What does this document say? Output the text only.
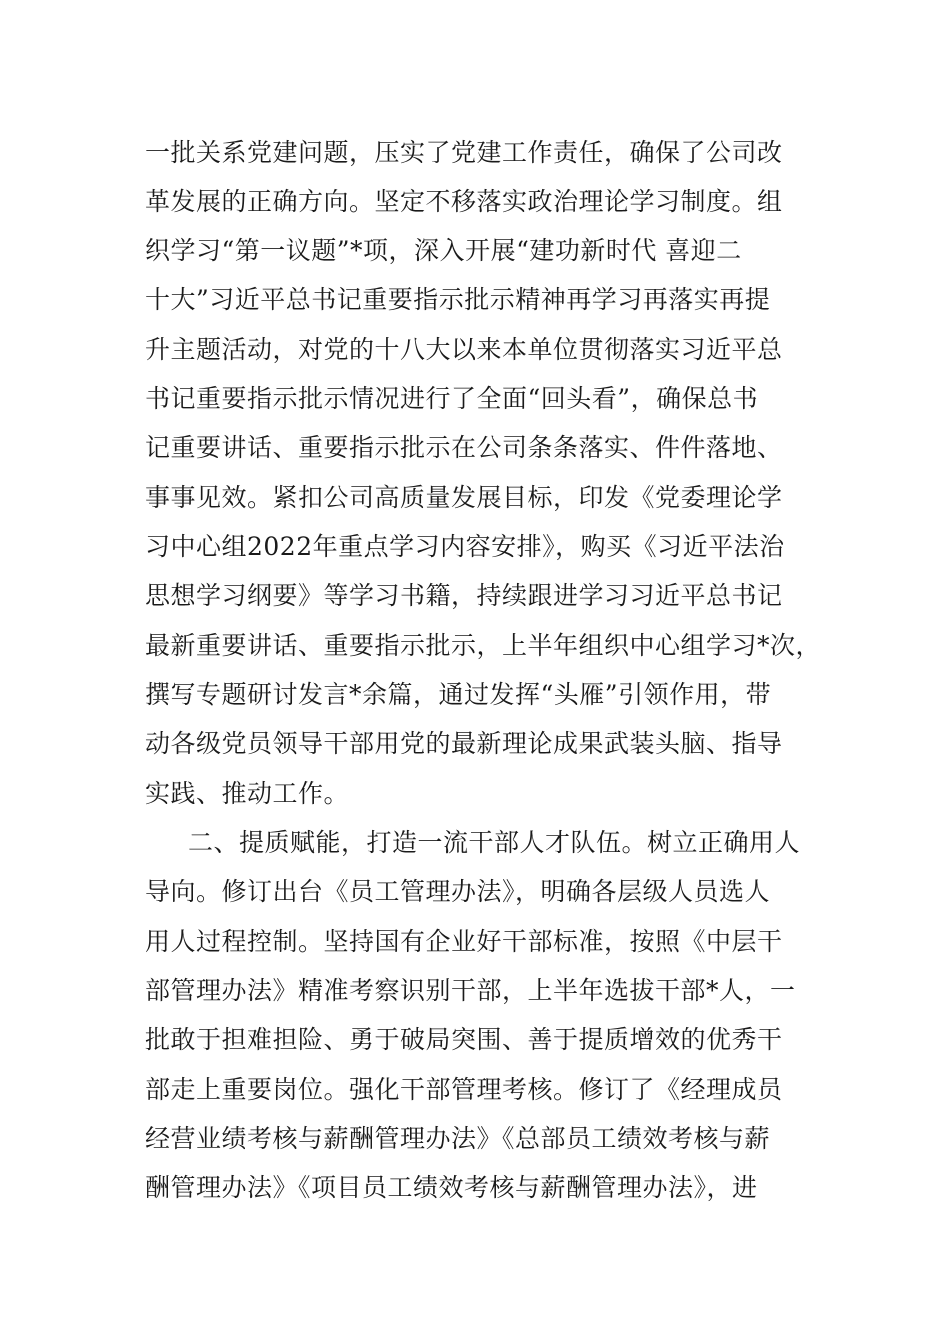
一批关系党建问题，压实了党建工作责任，确保了公司改
革发展的正确方向。坚定不移落实政治理论学习制度。组
织学习“第一议题”*项，深入开展“建功新时代 喜迎二
十大”习近平总书记重要指示批示精神再学习再落实再提
升主题活动，对党的十八大以来本单位贯彻落实习近平总
书记重要指示批示情况进行了全面“回头看”，确保总书
记重要讲话、重要指示批示在公司条条落实、件件落地、
事事见效。紧扣公司高质量发展目标，印发《党委理论学
习中心组2022年重点学习内容安排》，购买《习近平法治
思想学习纲要》等学习书籍，持续跟进学习习近平总书记
最新重要讲话、重要指示批示，上半年组织中心组学习*次，
撰写专题研讨发言*余篇，通过发挥“头雁”引领作用，带
动各级党员领导干部用党的最新理论成果武装头脑、指导
实践、推动工作。
二、提质赋能，打造一流干部人才队伍。树立正确用人
导向。修订出台《员工管理办法》，明确各层级人员选人
用人过程控制。坚持国有企业好干部标准，按照《中层干
部管理办法》精准考察识别干部，上半年选拔干部*人，一
批敢于担难担险、勇于破局突围、善于提质增效的优秀干
部走上重要岗位。强化干部管理考核。修订了《经理成员
经营业绩考核与薪酬管理办法》《总部员工绩效考核与薪
酬管理办法》《项目员工绩效考核与薪酬管理办法》，进
